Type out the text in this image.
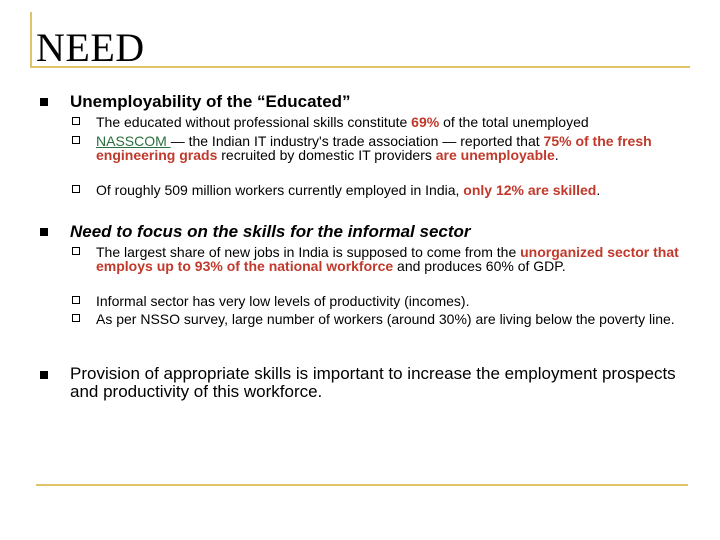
NEED
Unemployability of the “Educated”
The educated without professional skills constitute 69% of the total unemployed
NASSCOM — the Indian IT industry's trade association — reported that 75% of the fresh engineering grads recruited by domestic IT providers are unemployable.
Of roughly 509 million workers currently employed in India, only 12% are skilled.
Need to focus on the skills for the informal sector
The largest share of new jobs in India is supposed to come from the unorganized sector that employs up to 93% of the national workforce and produces 60% of GDP.
Informal sector has very low levels of productivity (incomes).
As per NSSO survey, large number of workers (around 30%) are living below the poverty line.
Provision of appropriate skills is important to increase the employment prospects and productivity of this workforce.
